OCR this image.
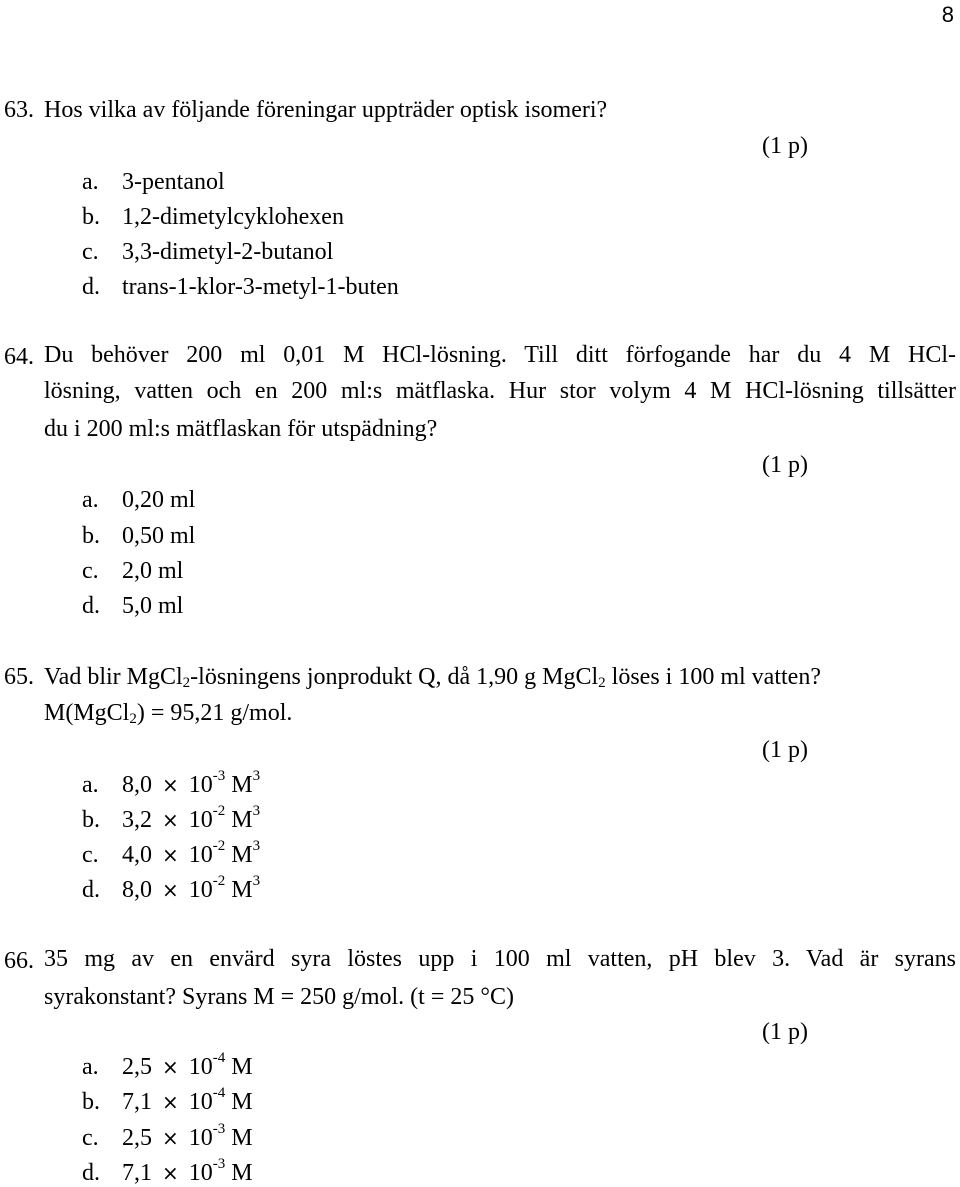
8
63. Hos vilka av följande föreningar uppträder optisk isomeri?
(1 p)
a. 3-pentanol
b. 1,2-dimetylcyklohexen
c. 3,3-dimetyl-2-butanol
d. trans-1-klor-3-metyl-1-buten
64. Du behöver 200 ml 0,01 M HCl-lösning. Till ditt förfogande har du 4 M HCl-
lösning, vatten och en 200 ml:s mätflaska. Hur stor volym 4 M HCl-lösning tillsätter
du i 200 ml:s mätflaskan för utspädning?
(1 p)
a. 0,20 ml
b. 0,50 ml
c. 2,0 ml
d. 5,0 ml
65. Vad blir MgCl$_2$-lösningens jonprodukt Q, då 1,90 g MgCl$_2$ löses i 100 ml vatten?
M(MgCl$_2$) = 95,21 g/mol.
(1 p)
a. $8,0 \times 10^{-3}$ $M^3$
b. $3,2 \times 10^{-2}$ $M^3$
c. $4,0 \times 10^{-2}$ $M^3$
d. $8,0 \times 10^{-2}$ $M^3$
66. 35 mg av en envärd syra löstes upp i 100 ml vatten, pH blev 3. Vad är syrans
syrakonstant? Syrans M = 250 g/mol. (t = 25 °C)
(1 p)
a. $2,5 \times 10^{-4}$ M
b. $7,1 \times 10^{-4}$ M
c. $2,5 \times 10^{-3}$ M
d. $7,1 \times 10^{-3}$ M
